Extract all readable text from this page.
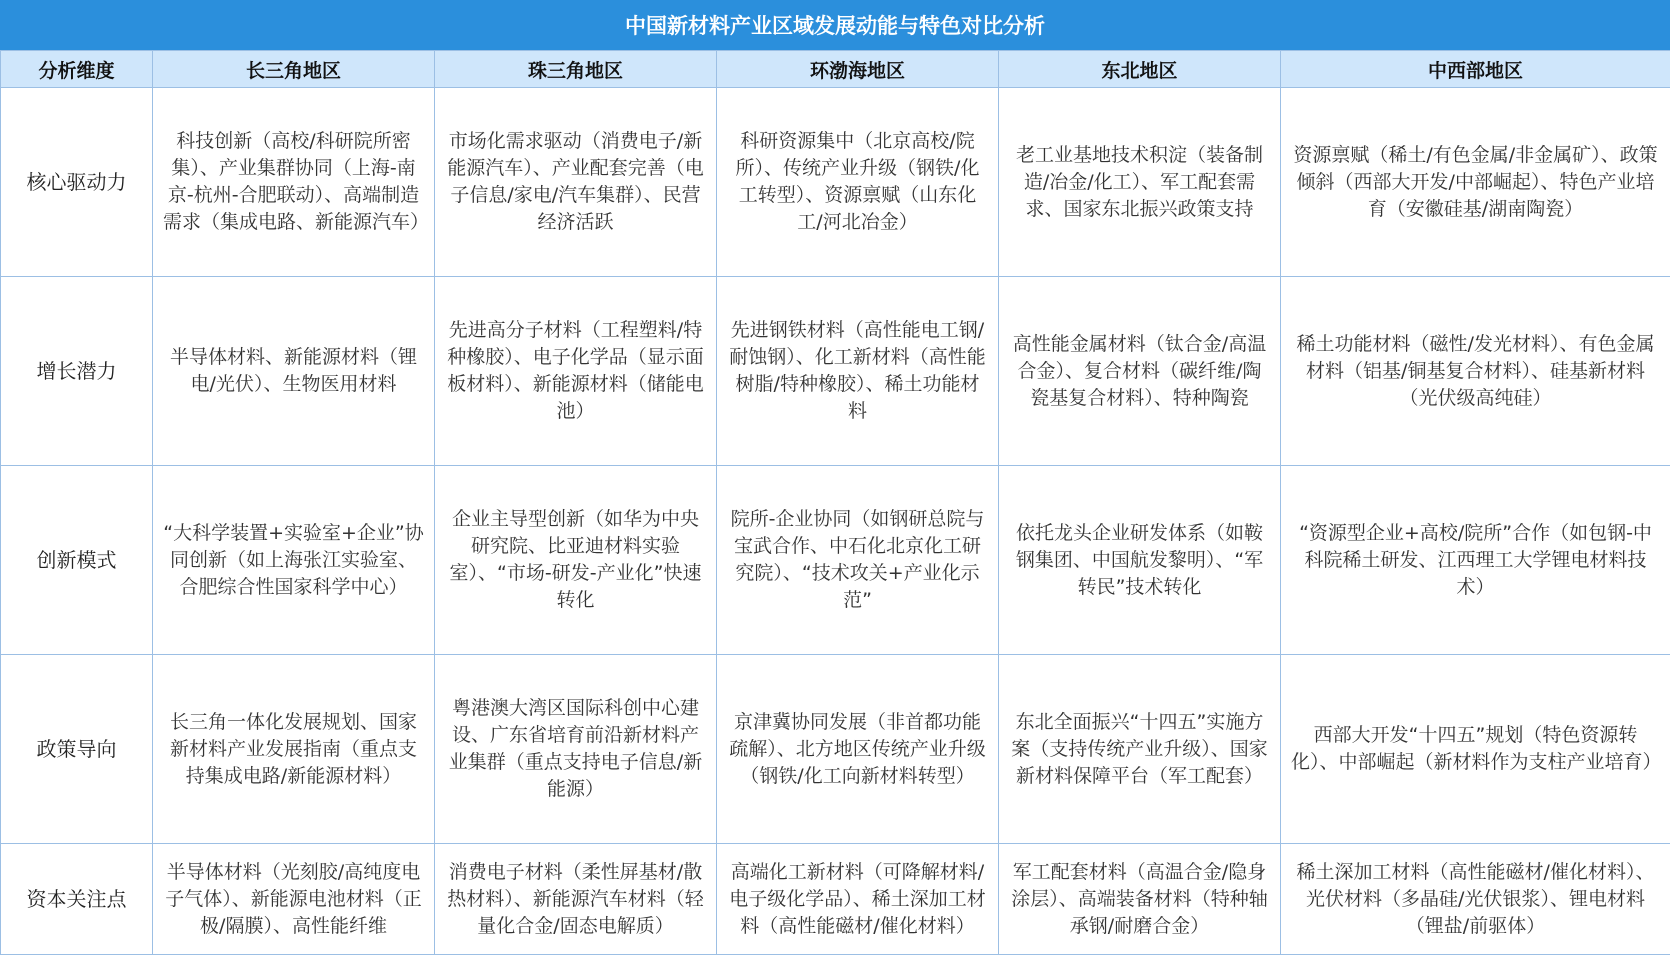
中国新材料产业区域发展动能与特色对比分析
分析维度	长三角地区	珠三角地区	环渤海地区	东北地区	中西部地区
核心驱动力	科技创新（高校/科研院所密集）、产业集群协同（上海-南京-杭州-合肥联动）、高端制造需求（集成电路、新能源汽车）	市场化需求驱动（消费电子/新能源汽车）、产业配套完善（电子信息/家电/汽车集群）、民营经济活跃	科研资源集中（北京高校/院所）、传统产业升级（钢铁/化工转型）、资源禀赋（山东化工/河北冶金）	老工业基地技术积淀（装备制造/冶金/化工）、军工配套需求、国家东北振兴政策支持	资源禀赋（稀土/有色金属/非金属矿）、政策倾斜（西部大开发/中部崛起）、特色产业培育（安徽硅基/湖南陶瓷）
增长潜力	半导体材料、新能源材料（锂电/光伏）、生物医用材料	先进高分子材料（工程塑料/特种橡胶）、电子化学品（显示面板材料）、新能源材料（储能电池）	先进钢铁材料（高性能电工钢/耐蚀钢）、化工新材料（高性能树脂/特种橡胶）、稀土功能材料	高性能金属材料（钛合金/高温合金）、复合材料（碳纤维/陶瓷基复合材料）、特种陶瓷	稀土功能材料（磁性/发光材料）、有色金属材料（铝基/铜基复合材料）、硅基新材料（光伏级高纯硅）
创新模式	“大科学装置+实验室+企业”协同创新（如上海张江实验室、合肥综合性国家科学中心）	企业主导型创新（如华为中央研究院、比亚迪材料实验室）、“市场-研发-产业化”快速转化	院所-企业协同（如钢研总院与宝武合作、中石化北京化工研究院）、“技术攻关+产业化示范”	依托龙头企业研发体系（如鞍钢集团、中国航发黎明）、“军转民”技术转化	“资源型企业+高校/院所”合作（如包钢-中科院稀土研发、江西理工大学锂电材料技术）
政策导向	长三角一体化发展规划、国家新材料产业发展指南（重点支持集成电路/新能源材料）	粤港澳大湾区国际科创中心建设、广东省培育前沿新材料产业集群（重点支持电子信息/新能源）	京津冀协同发展（非首都功能疏解）、北方地区传统产业升级（钢铁/化工向新材料转型）	东北全面振兴“十四五”实施方案（支持传统产业升级）、国家新材料保障平台（军工配套）	西部大开发“十四五”规划（特色资源转化）、中部崛起（新材料作为支柱产业培育）
资本关注点	半导体材料（光刻胶/高纯度电子气体）、新能源电池材料（正极/隔膜）、高性能纤维	消费电子材料（柔性屏基材/散热材料）、新能源汽车材料（轻量化合金/固态电解质）	高端化工新材料（可降解材料/电子级化学品）、稀土深加工材料（高性能磁材/催化材料）	军工配套材料（高温合金/隐身涂层）、高端装备材料（特种轴承钢/耐磨合金）	稀土深加工材料（高性能磁材/催化材料）、光伏材料（多晶硅/光伏银浆）、锂电材料（锂盐/前驱体）
